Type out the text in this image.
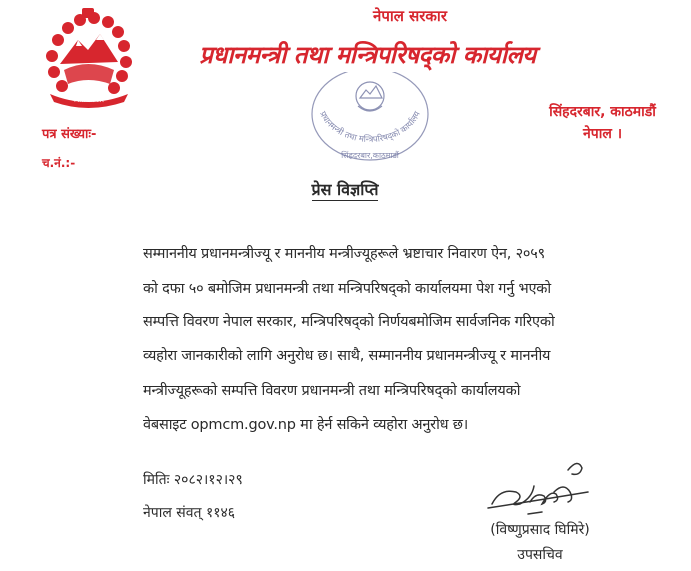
नेपाल सरकार
नेपाल सरकार
प्रधानमन्त्री तथा मन्त्रिपरिषद्को कार्यालय
प्रधानमन्त्री तथा मन्त्रिपरिषद्को कार्यालय
सिंहदरबार,काठमाडौं
सिंहदरबार, काठमाडौं
नेपाल ।
पत्र संख्याः-
च.नं.:-
प्रेस विज्ञप्ति
सम्माननीय प्रधानमन्त्रीज्यू र माननीय मन्त्रीज्यूहरूले भ्रष्टाचार निवारण ऐन, २०५९
को दफा ५० बमोजिम प्रधानमन्त्री तथा मन्त्रिपरिषद्को कार्यालयमा पेश गर्नु भएको
सम्पत्ति विवरण नेपाल सरकार, मन्त्रिपरिषद्को निर्णयबमोजिम सार्वजनिक गरिएको
व्यहोरा जानकारीको लागि अनुरोध छ। साथै, सम्माननीय प्रधानमन्त्रीज्यू र माननीय
मन्त्रीज्यूहरूको सम्पत्ति विवरण प्रधानमन्त्री तथा मन्त्रिपरिषद्को कार्यालयको
वेबसाइट opmcm.gov.np मा हेर्न सकिने व्यहोरा अनुरोध छ।
मितिः २०८२।१२।२९
नेपाल संवत् ११४६
(विष्णुप्रसाद घिमिरे)
उपसचिव
